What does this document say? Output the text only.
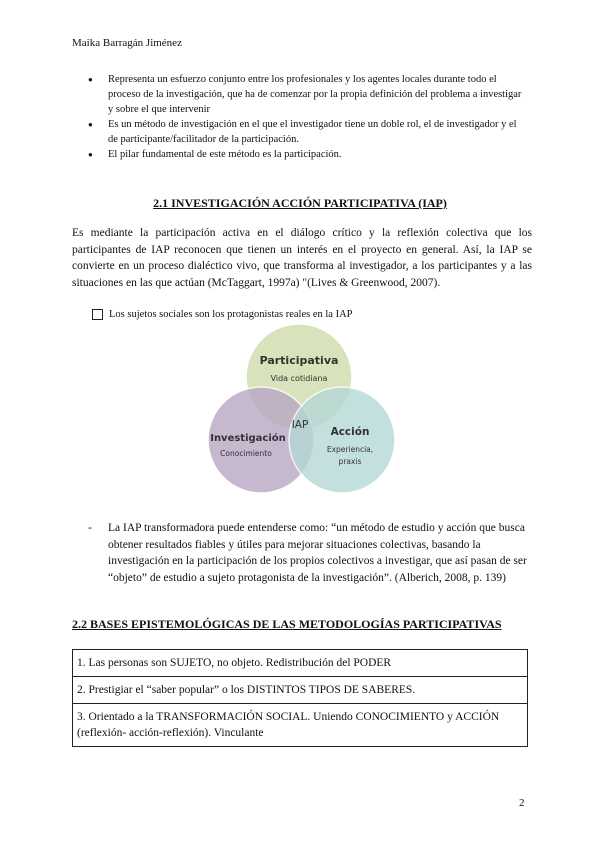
Maika Barragán Jiménez
● Representa un esfuerzo conjunto entre los profesionales y los agentes locales durante todo el proceso de la investigación, que ha de comenzar por la propia definición del problema a investigar y sobre el que intervenir
● Es un método de investigación en el que el investigador tiene un doble rol, el de investigador y el de participante/facilitador de la participación.
● El pilar fundamental de este método es la participación.
2.1 INVESTIGACIÓN ACCIÓN PARTICIPATIVA (IAP)
Es mediante la participación activa en el diálogo crítico y la reflexión colectiva que los participantes de IAP reconocen que tienen un interés en el proyecto en general. Así, la IAP se convierte en un proceso dialéctico vivo, que transforma al investigador, a los participantes y a las situaciones en las que actúan (McTaggart, 1997a) "(Lives & Greenwood, 2007).
Los sujetos sociales son los protagonistas reales en la IAP
Participativa
Vida cotidiana
Investigación
Conocimiento
Acción
Experiencia,
praxis
IAP
- La IAP transformadora puede entenderse como: “un método de estudio y acción que busca obtener resultados fiables y útiles para mejorar situaciones colectivas, basando la investigación en la participación de los propios colectivos a investigar, que así pasan de ser “objeto” de estudio a sujeto protagonista de la investigación”. (Alberich, 2008, p. 139)
2.2 BASES EPISTEMOLÓGICAS DE LAS METODOLOGÍAS PARTICIPATIVAS
1. Las personas son SUJETO, no objeto. Redistribución del PODER
2. Prestigiar el “saber popular” o los DISTINTOS TIPOS DE SABERES.
3. Orientado a la TRANSFORMACIÓN SOCIAL. Uniendo CONOCIMIENTO y ACCIÓN (reflexión- acción-reflexión). Vinculante
2
